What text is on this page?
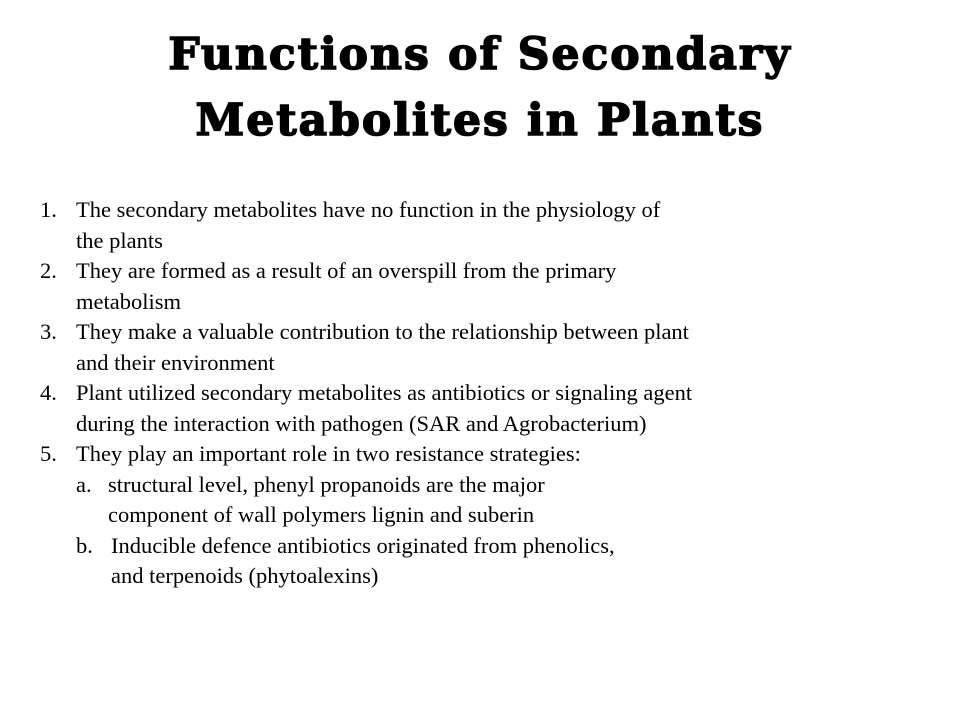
Functions of Secondary
Metabolites in Plants
1. The secondary metabolites have no function in the physiology of
the plants
2. They are formed as a result of an overspill from the primary
metabolism
3. They make a valuable contribution to the relationship between plant
and their environment
4. Plant utilized secondary metabolites as antibiotics or signaling agent
during the interaction with pathogen (SAR and Agrobacterium)
5. They play an important role in two resistance strategies:
a. structural level, phenyl propanoids are the major
component of wall polymers lignin and suberin
b. Inducible defence antibiotics originated from phenolics,
and terpenoids (phytoalexins)
